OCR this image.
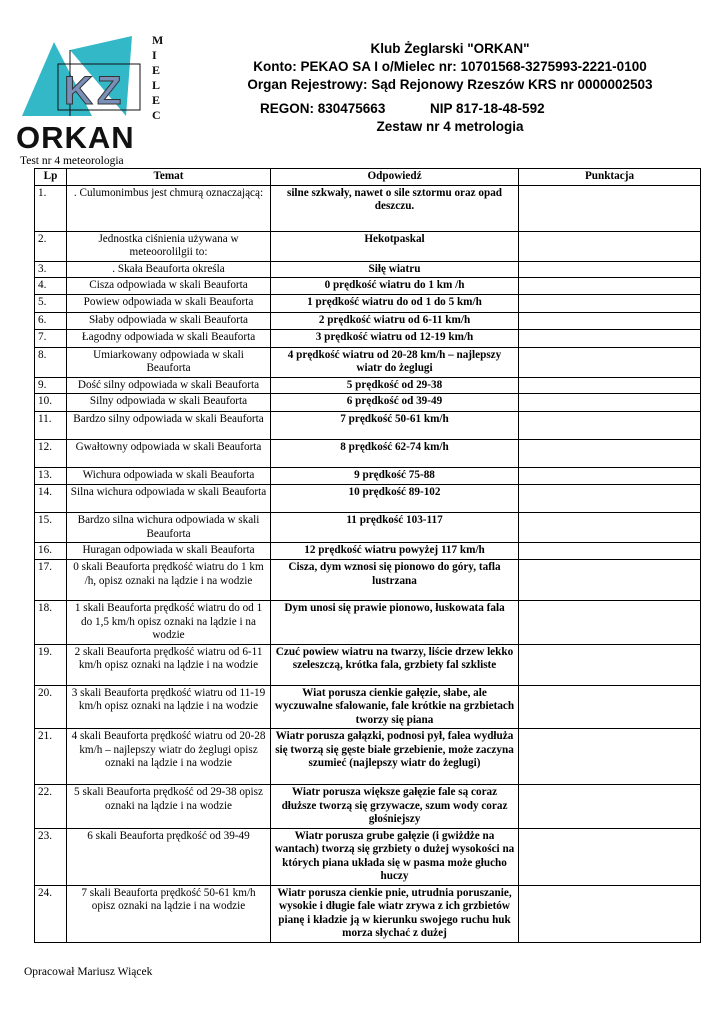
KZ
M
I
E
L
E
C
ORKAN
Klub Żeglarski "ORKAN"
Konto: PEKAO SA I o/Mielec nr: 10701568-3275993-2221-0100
Organ Rejestrowy: Sąd Rejonowy Rzeszów KRS nr 0000002503
REGON: 830475663	NIP 817-18-48-592
Zestaw nr 4 metrologia
Test nr 4 meteorologia
Lp	Temat	Odpowiedź	Punktacja
1.	. Culumonimbus jest chmurą oznaczającą:	silne szkwały, nawet o sile sztormu oraz opad deszczu.	
2.	Jednostka ciśnienia używana w meteoorolilgii to:	Hekotpaskal	
3.	. Skała Beauforta określa	Siłę wiatru	
4.	Cisza odpowiada w skali Beauforta	0 prędkość wiatru do 1 km /h	
5.	Powiew odpowiada w skali Beauforta	1 prędkość wiatru do od 1 do 5 km/h	
6.	Słaby odpowiada w skali Beauforta	2 prędkość wiatru od 6-11 km/h	
7.	Łagodny odpowiada w skali Beauforta	3 prędkość wiatru od 12-19 km/h	
8.	Umiarkowany odpowiada w skali Beauforta	4 prędkość wiatru od 20-28 km/h – najlepszy wiatr do żeglugi	
9.	Dość silny odpowiada w skali Beauforta	5 prędkość od 29-38	
10.	Silny odpowiada w skali Beauforta	6 prędkość od 39-49	
11.	Bardzo silny odpowiada w skali Beauforta	7 prędkość 50-61 km/h	
12.	Gwałtowny odpowiada w skali Beauforta	8 prędkość 62-74 km/h	
13.	Wichura odpowiada w skali Beauforta	9 prędkość 75-88	
14.	Silna wichura odpowiada w skali Beauforta	10 prędkość 89-102	
15.	Bardzo silna wichura odpowiada w skali Beauforta	11 prędkość 103-117	
16.	Huragan odpowiada w skali Beauforta	12 prędkość wiatru powyżej 117 km/h	
17.	0 skali Beauforta prędkość wiatru do 1 km /h, opisz oznaki na lądzie i na wodzie	Cisza, dym wznosi się pionowo do góry, tafla lustrzana	
18.	1 skali Beauforta prędkość wiatru do od 1 do 1,5 km/h opisz oznaki na lądzie i na wodzie	Dym unosi się prawie pionowo, łuskowata fala	
19.	2 skali Beauforta prędkość wiatru od 6-11 km/h opisz oznaki na lądzie i na wodzie	Czuć powiew wiatru na twarzy, liście drzew lekko szeleszczą, krótka fala, grzbiety fal szkliste	
20.	3 skali Beauforta prędkość wiatru od 11-19 km/h opisz oznaki na lądzie i na wodzie	Wiat porusza cienkie gałęzie, słabe, ale wyczuwalne sfalowanie, fale krótkie na grzbietach tworzy się piana	
21.	4 skali Beauforta prędkość wiatru od 20-28 km/h – najlepszy wiatr do żeglugi opisz oznaki na lądzie i na wodzie	Wiatr porusza gałązki, podnosi pył, falea wydłuża się tworzą się gęste białe grzebienie, może zaczyna szumieć (najlepszy wiatr do żeglugi)	
22.	5 skali Beauforta prędkość od 29-38 opisz oznaki na lądzie i na wodzie	Wiatr porusza większe gałęzie fale są coraz dłuższe tworzą się grzywacze, szum wody coraz głośniejszy	
23.	6 skali Beauforta prędkość od 39-49	Wiatr porusza grube gałęzie (i gwiżdże na wantach) tworzą się grzbiety o dużej wysokości na których piana układa się w pasma może głucho huczy	
24.	7 skali Beauforta prędkość 50-61 km/h opisz oznaki na lądzie i na wodzie	Wiatr porusza cienkie pnie, utrudnia poruszanie, wysokie i długie fale wiatr zrywa z ich grzbietów pianę i kładzie ją w kierunku swojego ruchu huk morza słychać z dużej	
Opracował Mariusz Wiącek
